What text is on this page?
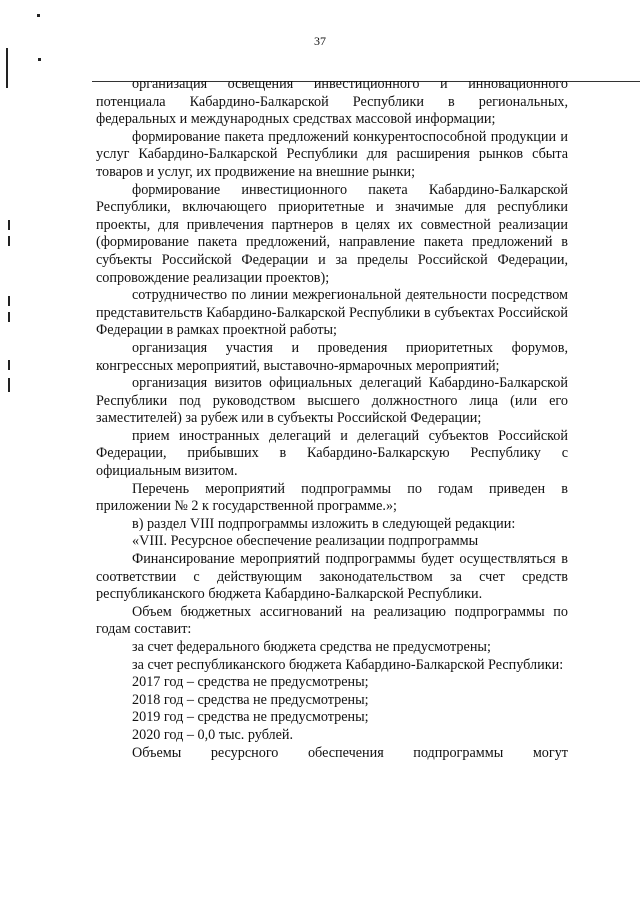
37

организация освещения инвестиционного и инновационного потенциала Кабардино-Балкарской Республики в региональных, федеральных и международных средствах массовой информации;

формирование пакета предложений конкурентоспособной продукции и услуг Кабардино-Балкарской Республики для расширения рынков сбыта товаров и услуг, их продвижение на внешние рынки;

формирование инвестиционного пакета Кабардино-Балкарской Республики, включающего приоритетные и значимые для республики проекты, для привлечения партнеров в целях их совместной реализации (формирование пакета предложений, направление пакета предложений в субъекты Российской Федерации и за пределы Российской Федерации, сопровождение реализации проектов);

сотрудничество по линии межрегиональной деятельности посредством представительств Кабардино-Балкарской Республики в субъектах Российской Федерации в рамках проектной работы;

организация участия и проведения приоритетных форумов, конгрессных мероприятий, выставочно-ярмарочных мероприятий;

организация визитов официальных делегаций Кабардино-Балкарской Республики под руководством высшего должностного лица (или его заместителей) за рубеж или в субъекты Российской Федерации;

прием иностранных делегаций и делегаций субъектов Российской Федерации, прибывших в Кабардино-Балкарскую Республику с официальным визитом.

Перечень мероприятий подпрограммы по годам приведен в приложении № 2 к государственной программе.»;

в) раздел VIII подпрограммы изложить в следующей редакции:

«VIII. Ресурсное обеспечение реализации подпрограммы

Финансирование мероприятий подпрограммы будет осуществляться в соответствии с действующим законодательством за счет средств республиканского бюджета Кабардино-Балкарской Республики.

Объем бюджетных ассигнований на реализацию подпрограммы по годам составит:

за счет федерального бюджета средства не предусмотрены;

за счет республиканского бюджета Кабардино-Балкарской Республики:

2017 год – средства не предусмотрены;

2018 год – средства не предусмотрены;

2019 год – средства не предусмотрены;

2020 год – 0,0 тыс. рублей.

Объемы ресурсного обеспечения подпрограммы могут
